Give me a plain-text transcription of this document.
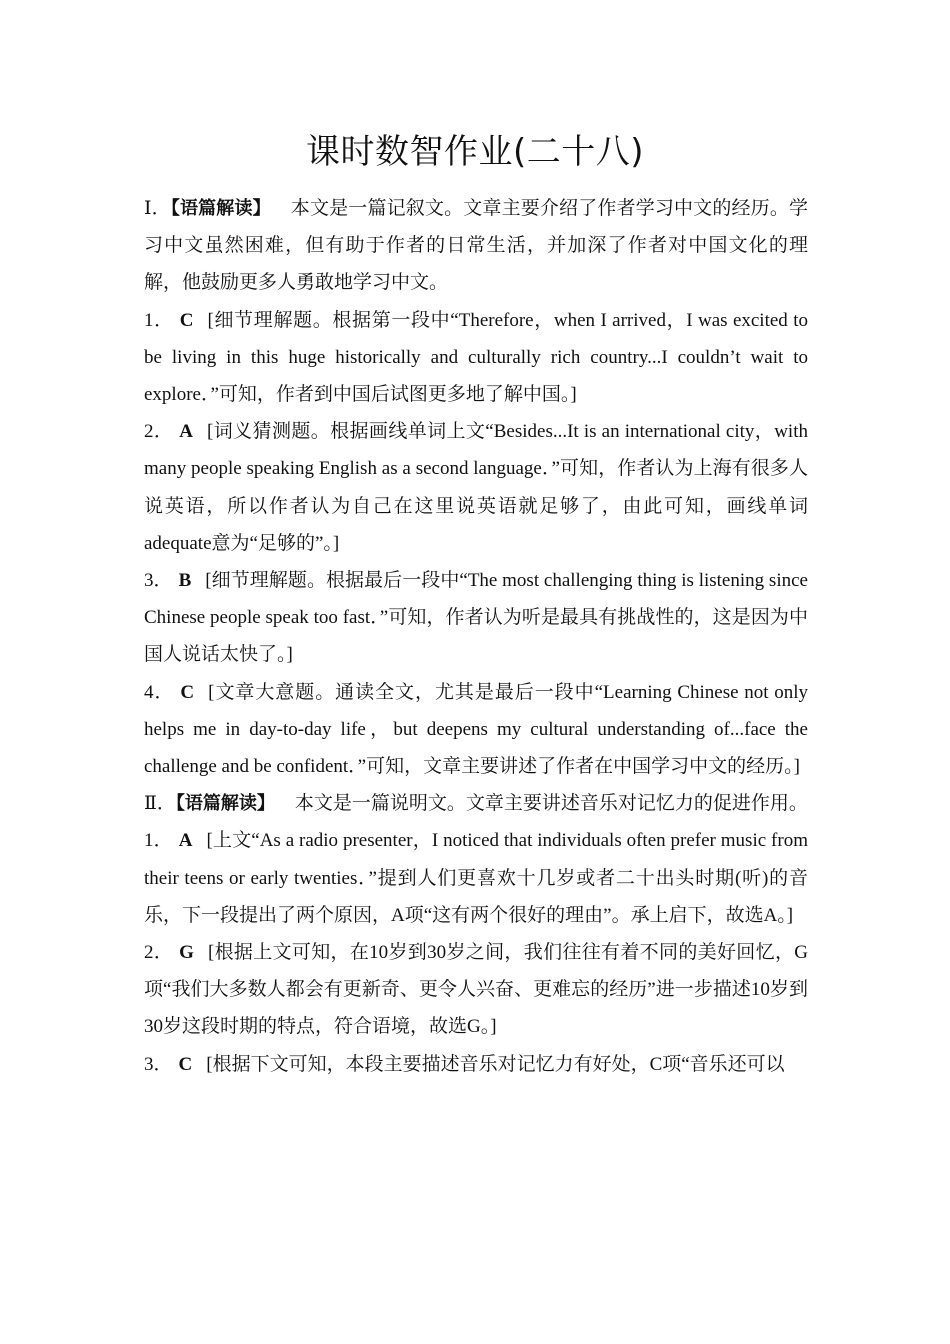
课时数智作业(二十八)

Ⅰ．【语篇解读】 本文是一篇记叙文。文章主要介绍了作者学习中文的经历。学习中文虽然困难，但有助于作者的日常生活，并加深了作者对中国文化的理解，他鼓励更多人勇敢地学习中文。

1． C [细节理解题。根据第一段中“Therefore，when I arrived，I was excited to be living in this huge historically and culturally rich country...I couldn’t wait to explore．”可知，作者到中国后试图更多地了解中国。]

2． A [词义猜测题。根据画线单词上文“Besides...It is an international city，with many people speaking English as a second language．”可知，作者认为上海有很多人说英语，所以作者认为自己在这里说英语就足够了，由此可知，画线单词adequate意为“足够的”。]

3． B [细节理解题。根据最后一段中“The most challenging thing is listening since Chinese people speak too fast．”可知，作者认为听是最具有挑战性的，这是因为中国人说话太快了。]

4． C [文章大意题。通读全文，尤其是最后一段中“Learning Chinese not only helps me in day-to-day life，but deepens my cultural understanding of...face the challenge and be confident．”可知，文章主要讲述了作者在中国学习中文的经历。]

Ⅱ．【语篇解读】 本文是一篇说明文。文章主要讲述音乐对记忆力的促进作用。

1． A [上文“As a radio presenter，I noticed that individuals often prefer music from their teens or early twenties．”提到人们更喜欢十几岁或者二十出头时期(听)的音乐，下一段提出了两个原因，A项“这有两个很好的理由”。承上启下，故选A。]

2． G [根据上文可知，在10岁到30岁之间，我们往往有着不同的美好回忆，G项“我们大多数人都会有更新奇、更令人兴奋、更难忘的经历”进一步描述10岁到30岁这段时期的特点，符合语境，故选G。]

3． C [根据下文可知，本段主要描述音乐对记忆力有好处，C项“音乐还可以
